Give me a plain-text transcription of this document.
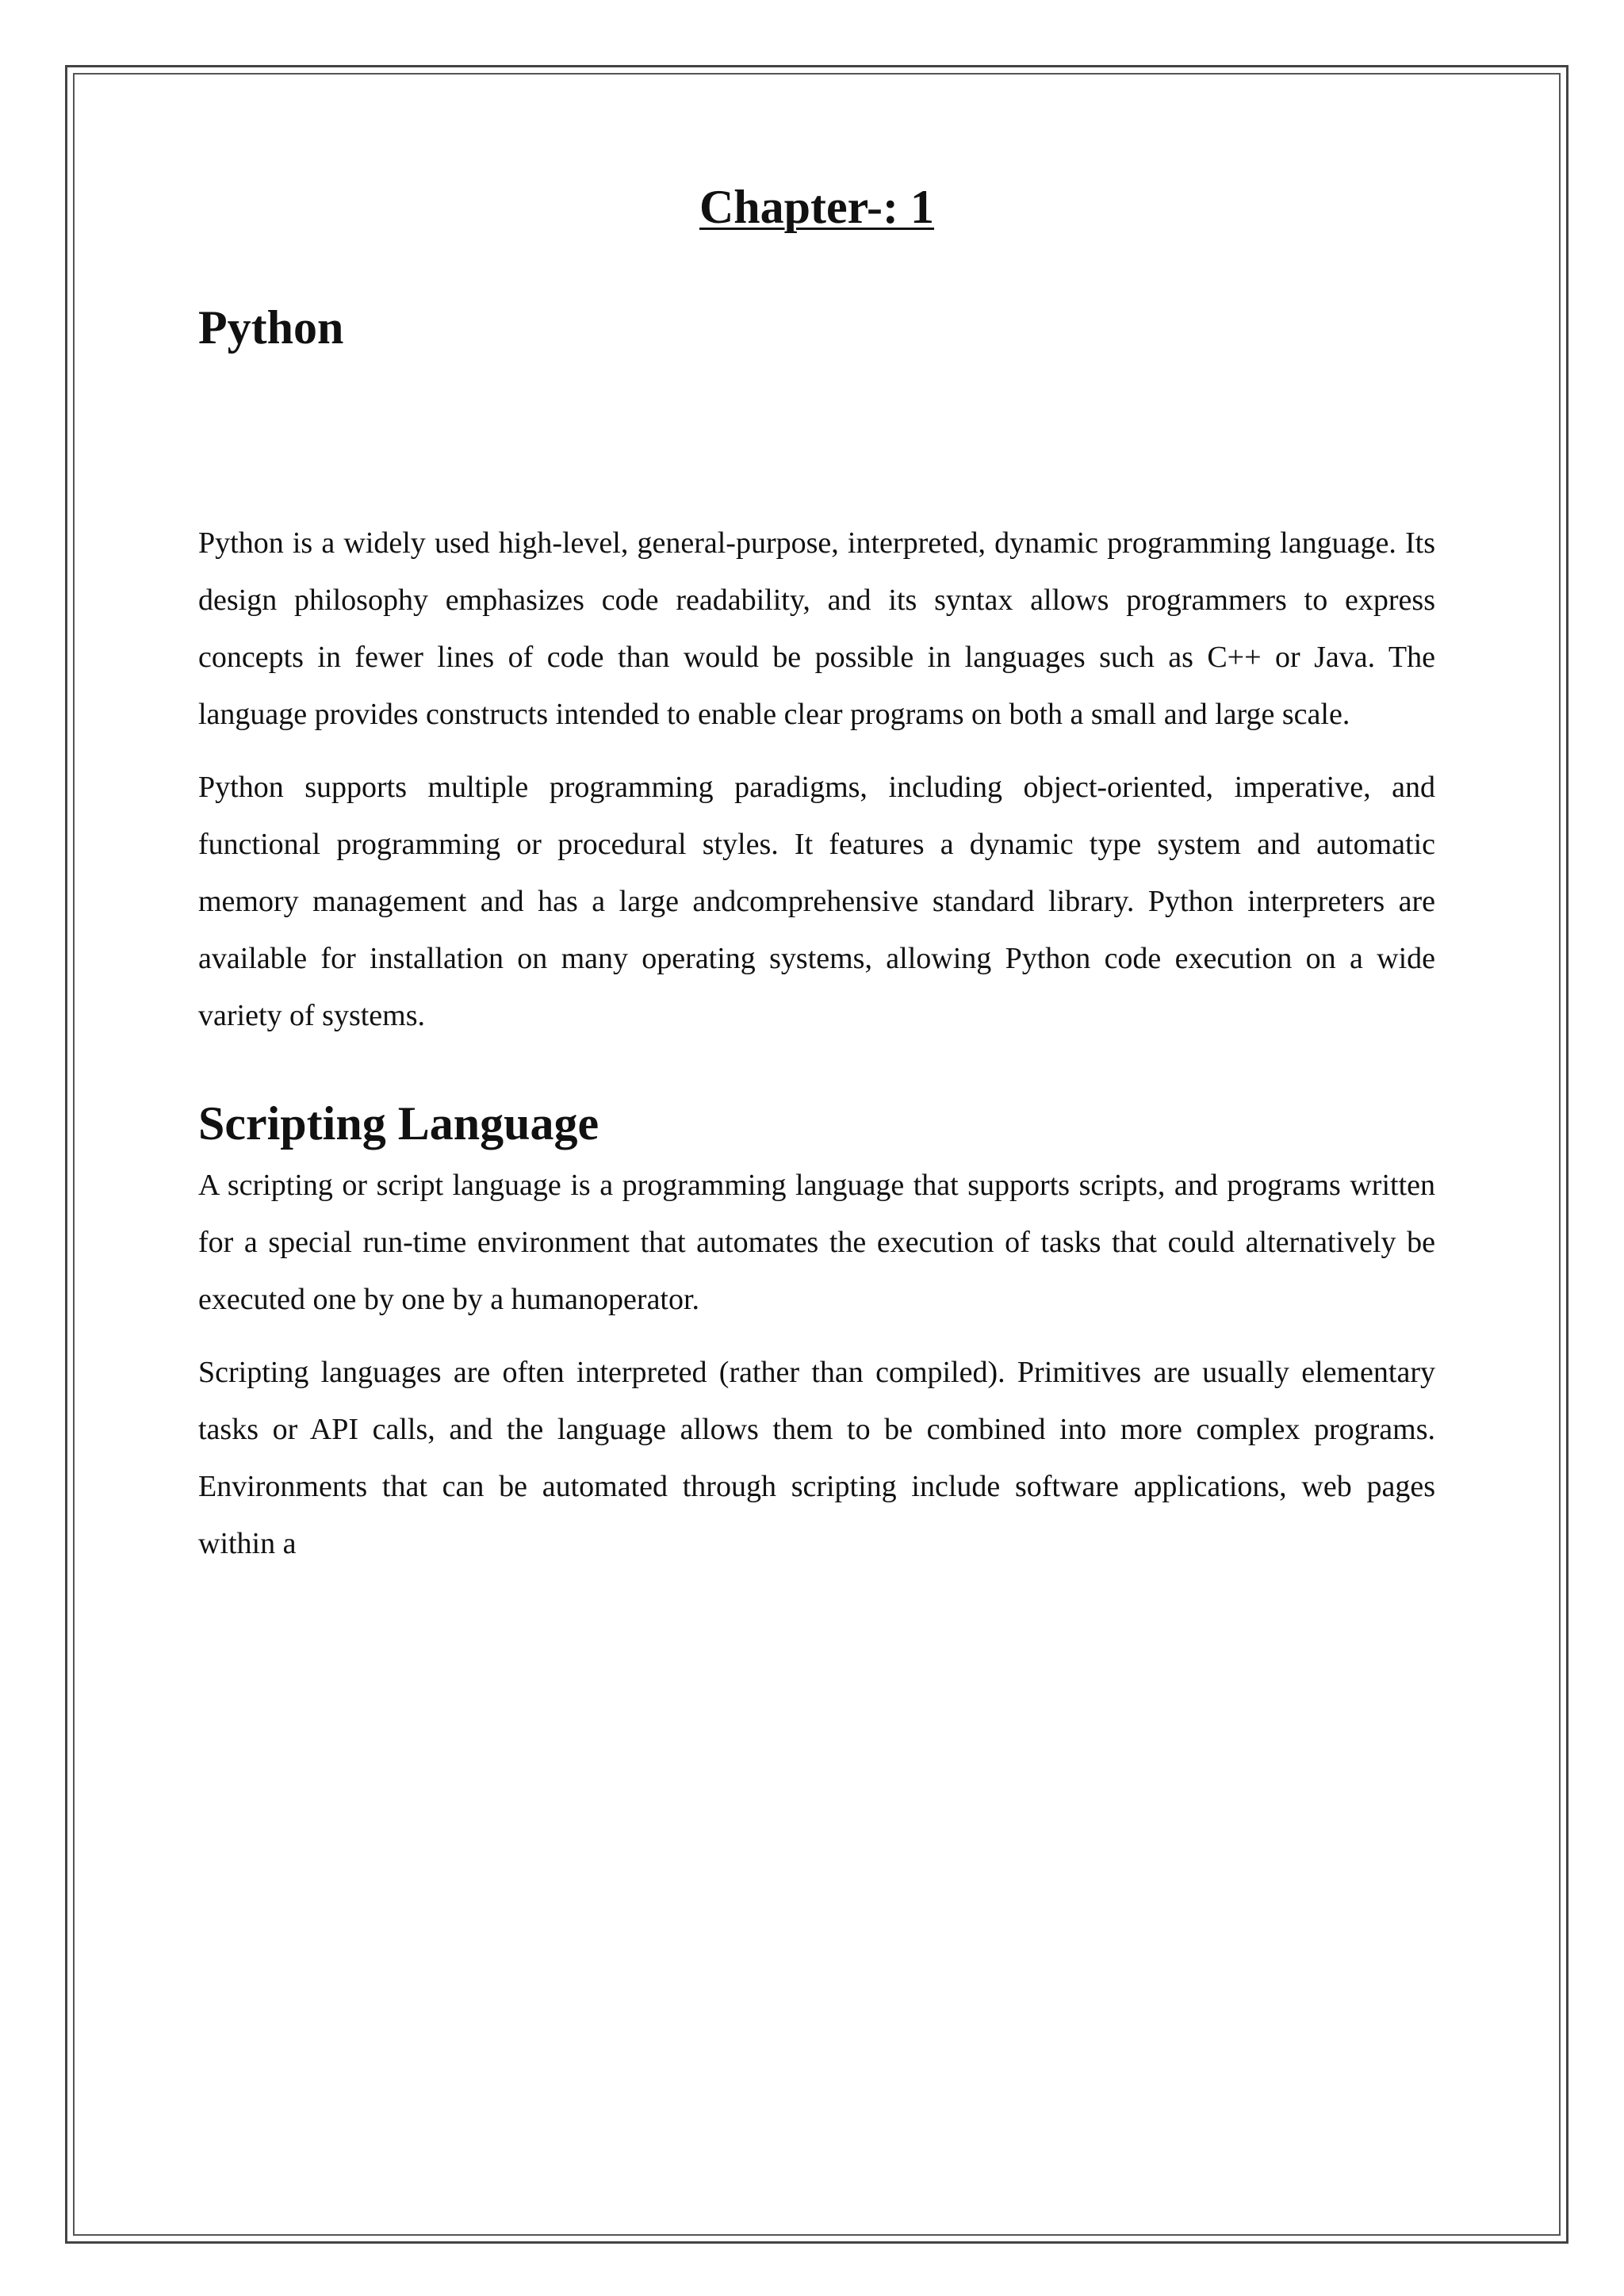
Chapter-: 1
Python

Python is a widely used high-level, general-purpose, interpreted, dynamic programming language. Its design philosophy emphasizes code readability, and its syntax allows programmers to express concepts in fewer lines of code than would be possible in languages such as C++ or Java. The language provides constructs intended to enable clear programs on both a small and large scale.

Python supports multiple programming paradigms, including object-oriented, imperative, and functional programming or procedural styles. It features a dynamic type system and automatic memory management and has a large andcomprehensive standard library. Python interpreters are available for installation on many operating systems, allowing Python code execution on a wide variety of systems.

Scripting Language

A scripting or script language is a programming language that supports scripts, and programs written for a special run-time environment that automates the execution of tasks that could alternatively be executed one by one by a humanoperator.

Scripting languages are often interpreted (rather than compiled). Primitives are usually elementary tasks or API calls, and the language allows them to be combined into more complex programs. Environments that can be automated through scripting include software applications, web pages within a
